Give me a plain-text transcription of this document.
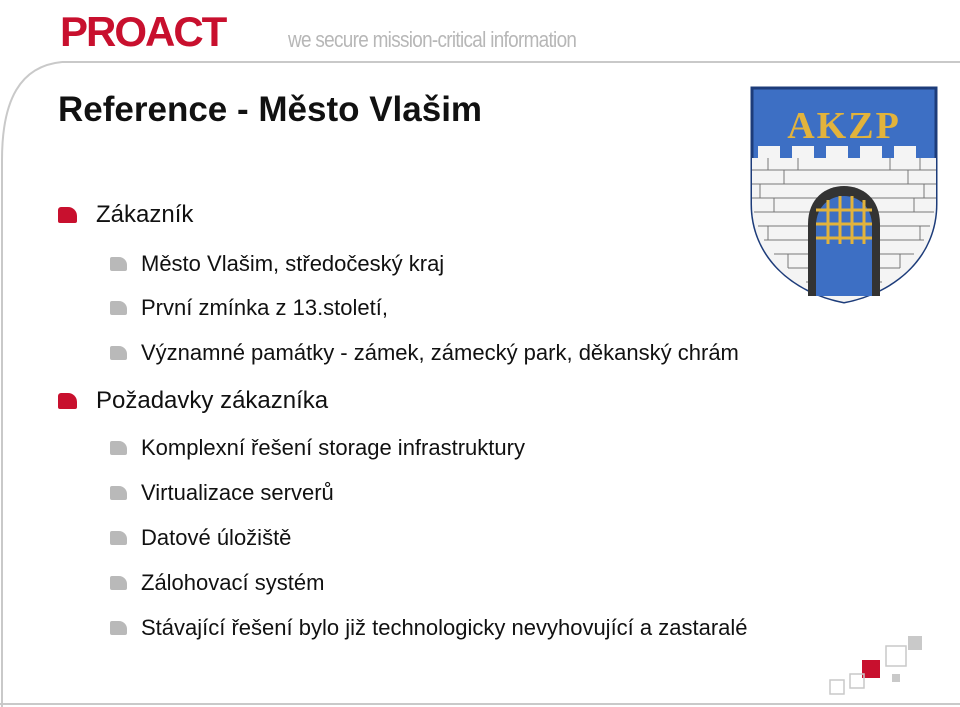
PROACT	we secure mission-critical information
Reference - Město Vlašim	AKZP
Zákazník
Město Vlašim, středočeský kraj
První zmínka z 13.století,
Významné památky - zámek, zámecký park, děkanský chrám
Požadavky zákazníka
Komplexní řešení storage infrastruktury
Virtualizace serverů
Datové úložiště
Zálohovací systém
Stávající řešení bylo již technologicky nevyhovující a zastaralé
